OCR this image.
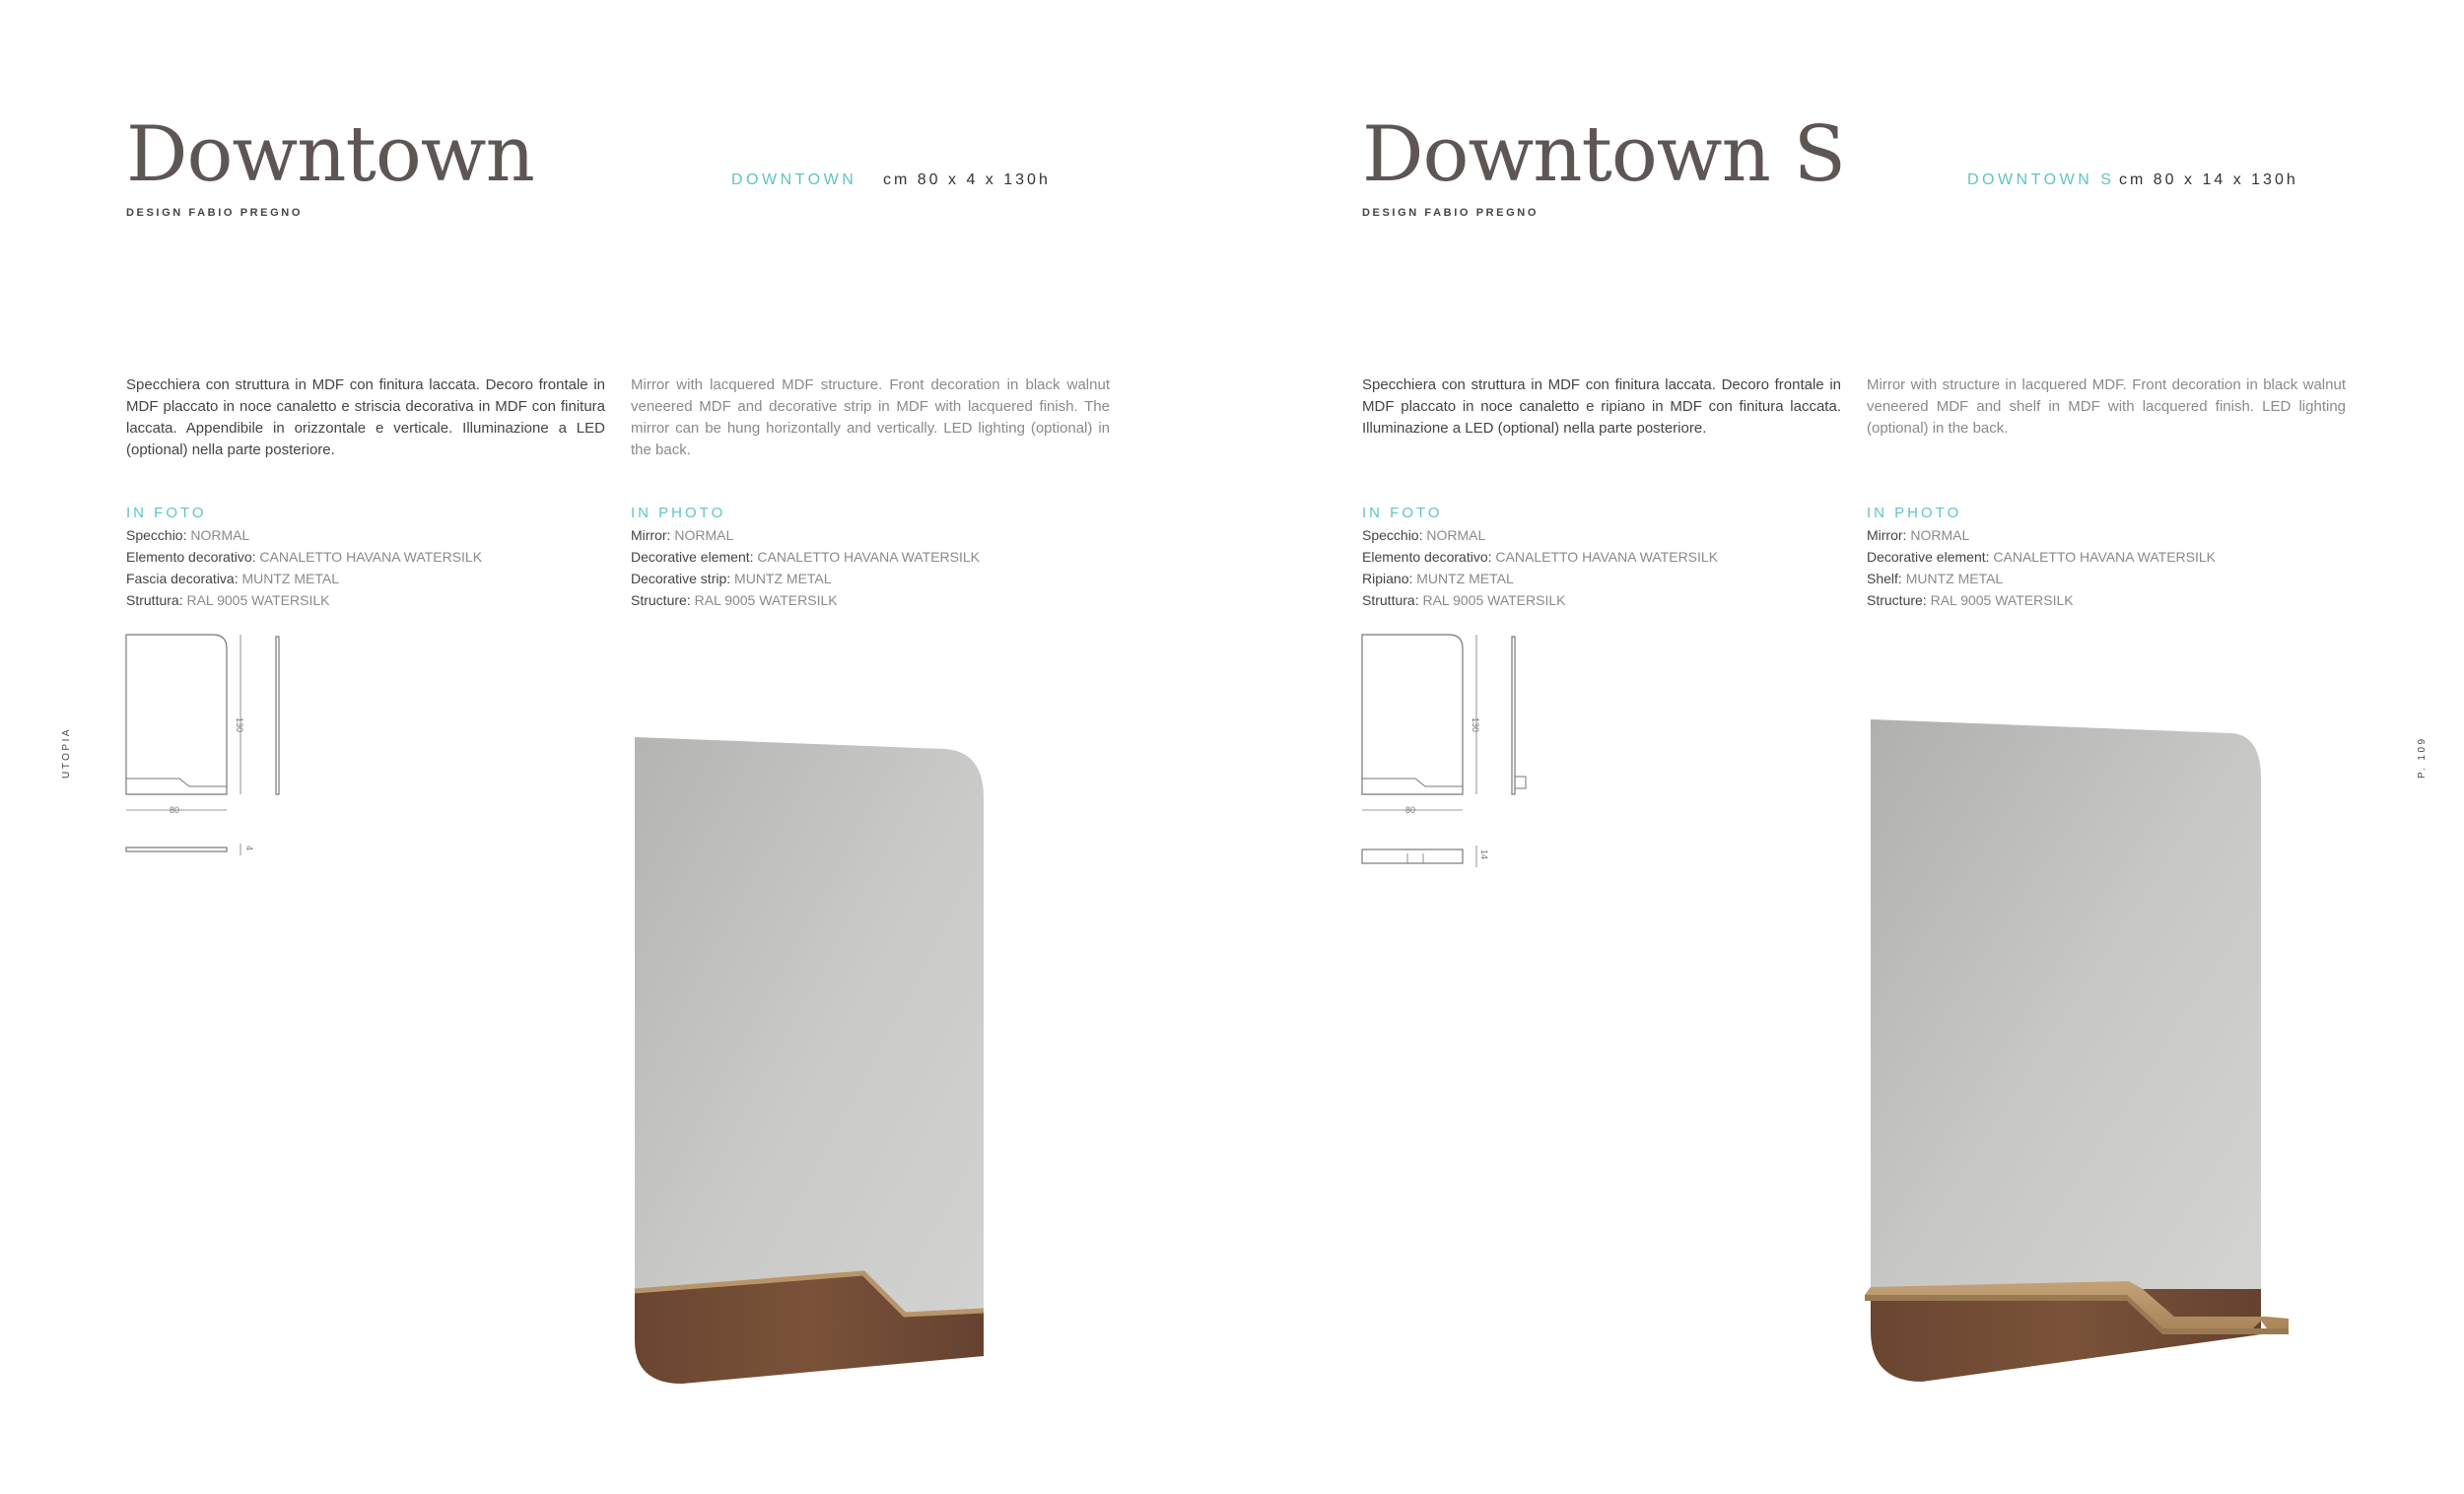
Downtown
DESIGN FABIO PREGNO
DOWNTOWN cm 80 x 4 x 130h

Specchiera con struttura in MDF con finitura laccata. Decoro frontale in MDF placcato in noce canaletto e striscia decorativa in MDF con finitura laccata. Appendibile in orizzontale e verticale. Illuminazione a LED (optional) nella parte posteriore.

Mirror with lacquered MDF structure. Front decoration in black walnut veneered MDF and decorative strip in MDF with lacquered finish. The mirror can be hung horizontally and vertically. LED lighting (optional) in the back.

IN FOTO
Specchio: NORMAL
Elemento decorativo: CANALETTO HAVANA WATERSILK
Fascia decorativa: MUNTZ METAL
Struttura: RAL 9005 WATERSILK
IN PHOTO
Mirror: NORMAL
Decorative element: CANALETTO HAVANA WATERSILK
Decorative strip: MUNTZ METAL
Structure: RAL 9005 WATERSILK
130
80
4
UTOPIA
Downtown S
DESIGN FABIO PREGNO
DOWNTOWN S cm 80 x 14 x 130h

Specchiera con struttura in MDF con finitura laccata. Decoro frontale in MDF placcato in noce canaletto e ripiano in MDF con finitura laccata. Illuminazione a LED (optional) nella parte posteriore.

Mirror with structure in lacquered MDF. Front decoration in black walnut veneered MDF and shelf in MDF with lacquered finish. LED lighting (optional) in the back.

IN FOTO
Specchio: NORMAL
Elemento decorativo: CANALETTO HAVANA WATERSILK
Ripiano: MUNTZ METAL
Struttura: RAL 9005 WATERSILK
IN PHOTO
Mirror: NORMAL
Decorative element: CANALETTO HAVANA WATERSILK
Shelf: MUNTZ METAL
Structure: RAL 9005 WATERSILK
130
80
14
P. 109
